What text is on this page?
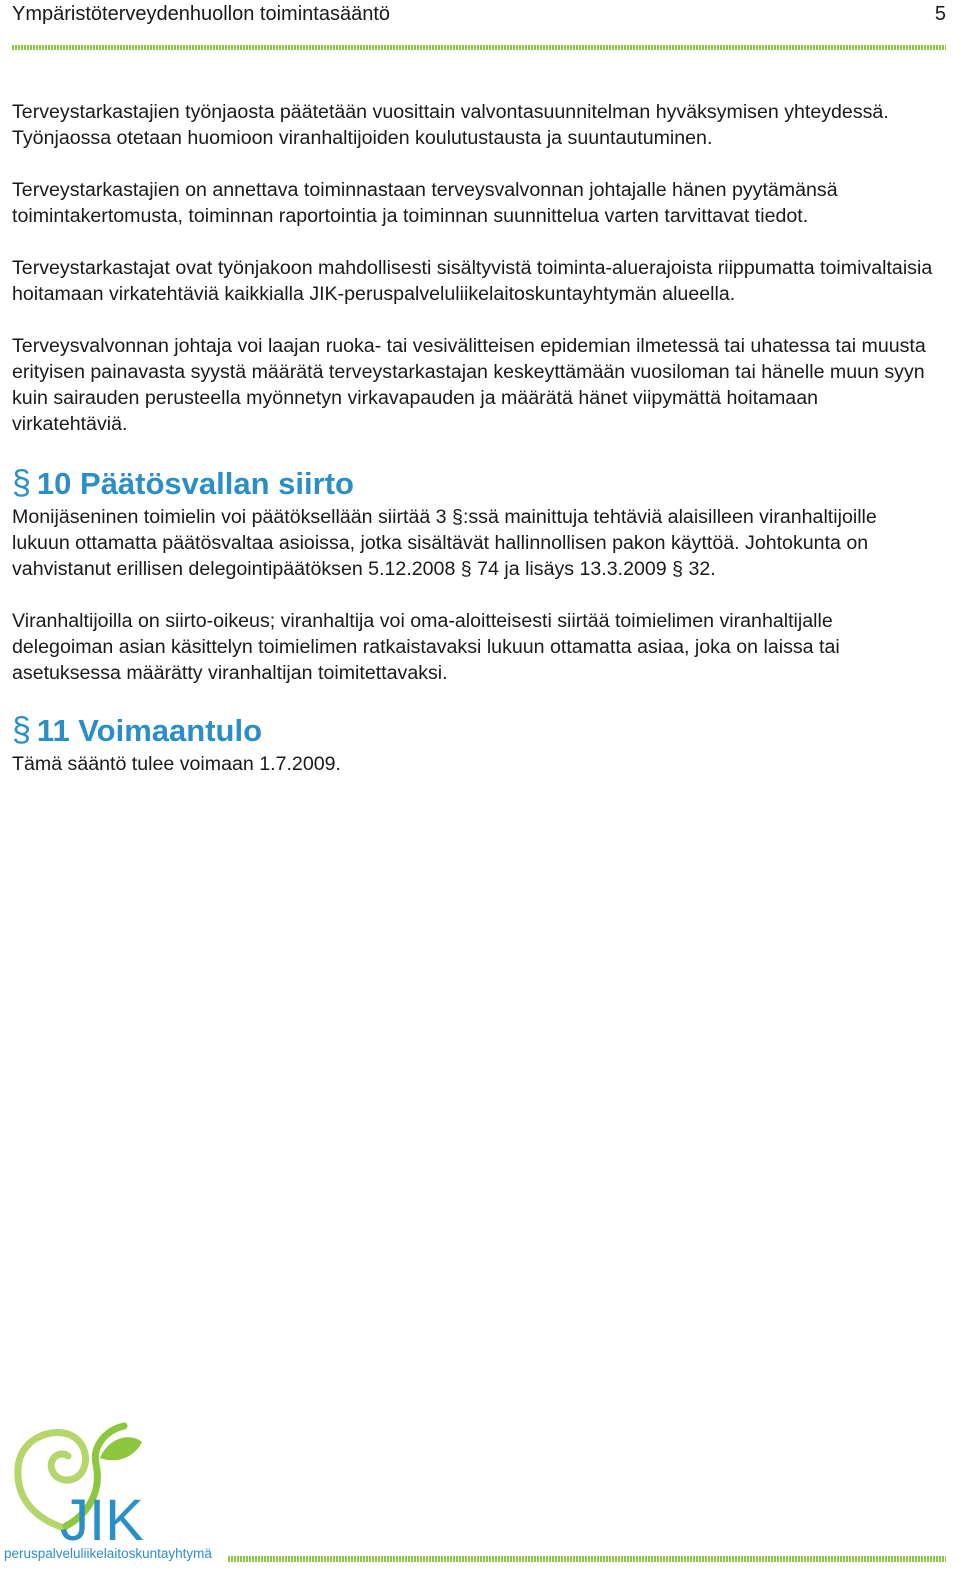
Ympäristöterveydenhuollon toimintasääntö	5

Terveystarkastajien työnjaosta päätetään vuosittain valvontasuunnitelman hyväksymisen yhteydessä. Työnjaossa otetaan huomioon viranhaltijoiden koulutustausta ja suuntautuminen.

Terveystarkastajien on annettava toiminnastaan terveysvalvonnan johtajalle hänen pyytämänsä toimintakertomusta, toiminnan raportointia ja toiminnan suunnittelua varten tarvittavat tiedot.

Terveystarkastajat ovat työnjakoon mahdollisesti sisältyvistä toiminta-aluerajoista riippumatta toimivaltaisia hoitamaan virkatehtäviä kaikkialla JIK-peruspalveluliikelaitoskuntayhtymän alueella.

Terveysvalvonnan johtaja voi laajan ruoka- tai vesivälitteisen epidemian ilmetessä tai uhatessa tai muusta erityisen painavasta syystä määrätä terveystarkastajan keskeyttämään vuosiloman tai hänelle muun syyn kuin sairauden perusteella myönnetyn virkavapauden ja määrätä hänet viipymättä hoitamaan virkatehtäviä.

§ 10 Päätösvallan siirto

Monijäseninen toimielin voi päätöksellään siirtää 3 §:ssä mainittuja tehtäviä alaisilleen viranhaltijoille lukuun ottamatta päätösvaltaa asioissa, jotka sisältävät hallinnollisen pakon käyttöä. Johtokunta on vahvistanut erillisen delegointipäätöksen 5.12.2008 § 74 ja lisäys 13.3.2009 § 32.

Viranhaltijoilla on siirto-oikeus; viranhaltija voi oma-aloitteisesti siirtää toimielimen viranhaltijalle delegoiman asian käsittelyn toimielimen ratkaistavaksi lukuun ottamatta asiaa, joka on laissa tai asetuksessa määrätty viranhaltijan toimitettavaksi.

§ 11 Voimaantulo

Tämä sääntö tulee voimaan 1.7.2009.

JIK
peruspalveluliikelaitoskuntayhtymä
